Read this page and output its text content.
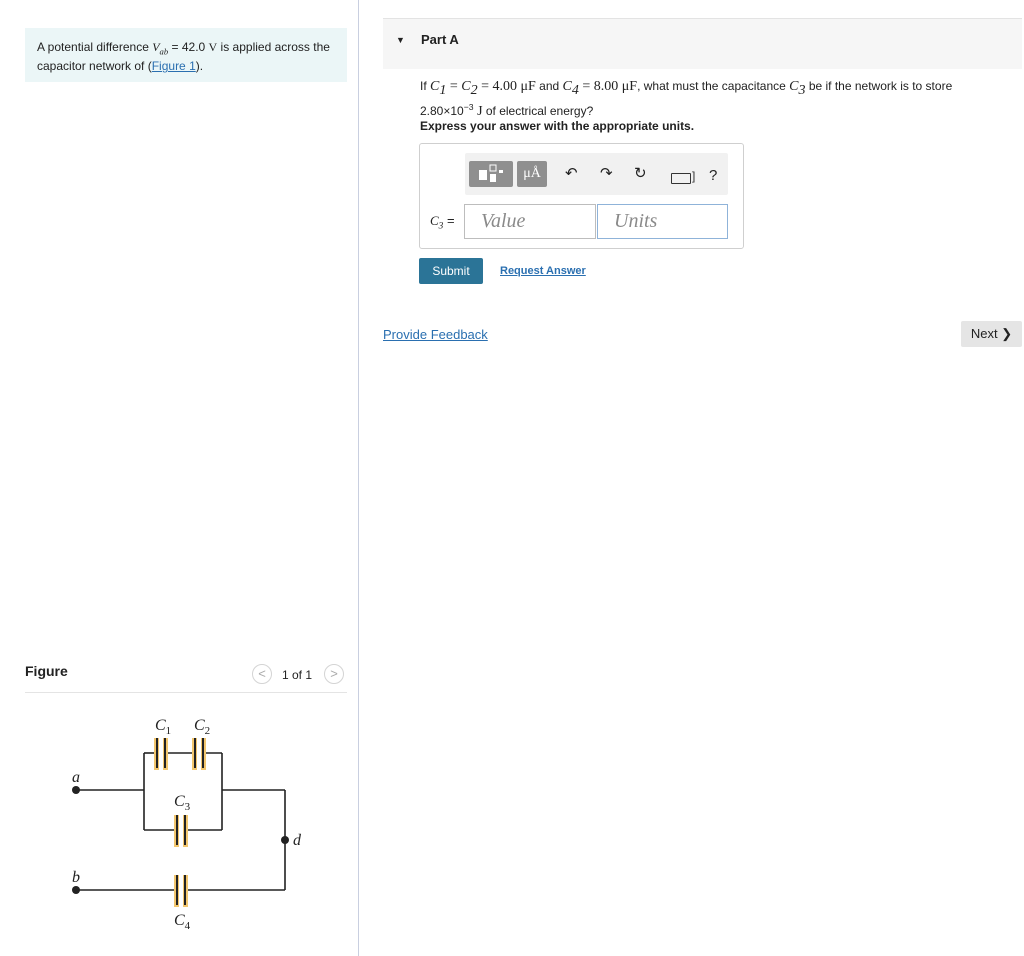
A potential difference $V_{ab} = 42.0$ V is applied across the capacitor network of (Figure 1).
Figure	<	1 of 1	>
a
b
d
$C_1$ $C_2$
$C_3$
$C_4$
▼ Part A
If $C_1 = C_2 = 4.00$ μF and $C_4 = 8.00$ μF, what must the capacitance $C_3$ be if the network is to store
$2.80\times 10^{-3}$ J of electrical energy?
Express your answer with the appropriate units.
μÅ	↶ ↷ ↻	] ?
$C_3$ =
Value
Units
Submit	Request Answer
Provide Feedback	Next ❯
